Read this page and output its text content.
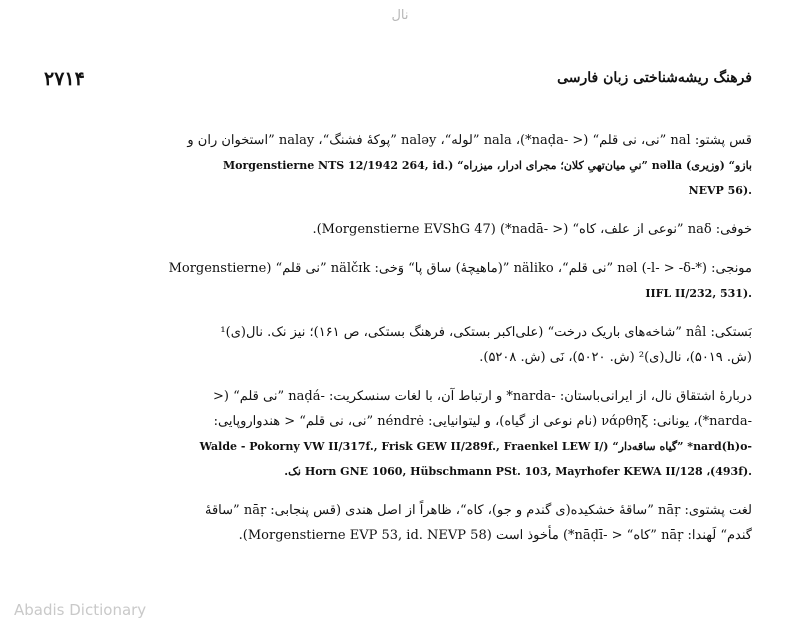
نال
۲۷۱۴	فرهنگ ریشه‌شناختی زبان فارسی

قس پشتو: nal ”نی، نی قلم“ (< -naḍa*)، nala ”لوله“، naləy ”پوکهٔ فشنگ“، nalay ”استخوان ران و
بازو“ (وزیری) nəlla ”نیِ میان‌تهیِ کلان؛ مجرای ادرار، میزراه“ (.Morgenstierne NTS 12/1942 264, id
.(NEVP 56

خوفی: naδ ”نوعی از علف، کاه“ (< -nadā*) (Morgenstierne EVShG 47).

مونجی: nəl (-l- > -δ-*) ”نی قلم“، näliko ”(ماهیچهٔ) ساق پا“ وَخی: nälčɪk ”نی قلم“ (Morgenstierne
.(IIFL II/232, 531

بَستکی: nâl ”شاخه‌های باریک درخت“ (علی‌اکبر بستکی، فرهنگ بستکی، ص ۱۶۱)؛ نیز نک. نال(ی)¹
(ش. ۵۰۱۹)، نال(ی)² (ش. ۵۰۲۰)، نَی (ش. ۵۲۰۸).

دربارهٔ اشتقاق نال، از ایرانی‌باستان: -narda* و ارتباط آن، با لغات سنسکریت: -naḍá ”نی قلم“ (<
-narda*)، یونانی: νάρθηξ (نام نوعی از گیاه)، و لیتوانیایی: néndrė ”نی، نی قلم“ < هندواروپایی:
-nard(h)o* ”گیاه ساقه‌دار“ (/Walde - Pokorny VW II/317f., Frisk GEW II/289f., Fraenkel LEW I
.Horn GNE 1060, Hübschmann PSt. 103, Mayrhofer KEWA II/128 ،(493f) نک.

لغت پشتوی: nāṛ ”ساقهٔ خشکیده(ی گندم و جو)، کاه“، ظاهراً از اصل هندی (قس پنجابی: nāṛ ”ساقهٔ
گندم“ لَهندا: nāṛ ”کاه“ < -nāḍī*) مأخوذ است (Morgenstierne EVP 53, id. NEVP 58).

Abadis Dictionary
